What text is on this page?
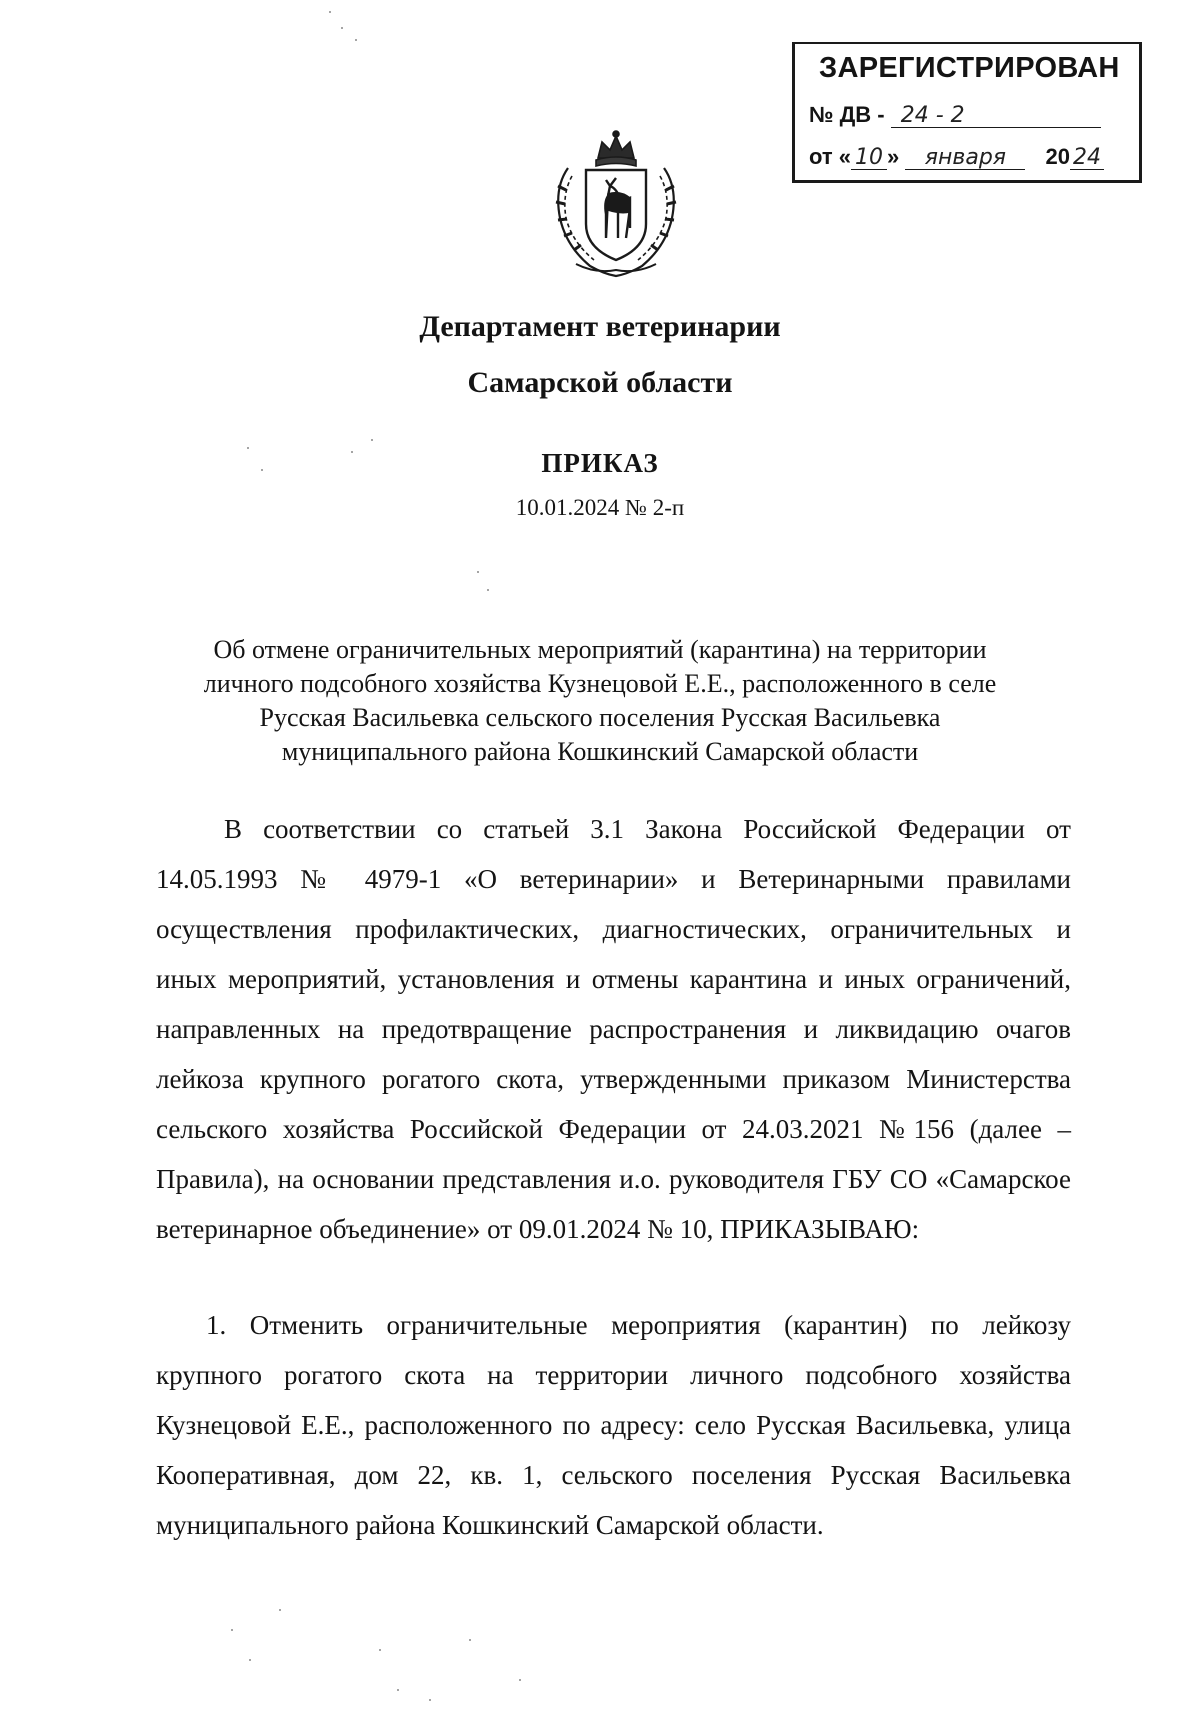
ЗАРЕГИСТРИРОВАН
№ ДВ - 24 - 2
от « 10 » января 20 24
Департамент ветеринарии
Самарской области
ПРИКАЗ
10.01.2024 № 2-п
Об отмене ограничительных мероприятий (карантина) на территории
личного подсобного хозяйства Кузнецовой Е.Е., расположенного в селе
Русская Васильевка сельского поселения Русская Васильевка
муниципального района Кошкинский Самарской области
В соответствии со статьей 3.1 Закона Российской Федерации от 14.05.1993 № 4979-1 «О ветеринарии» и Ветеринарными правилами осуществления профилактических, диагностических, ограничительных и иных мероприятий, установления и отмены карантина и иных ограничений, направленных на предотвращение распространения и ликвидацию очагов лейкоза крупного рогатого скота, утвержденными приказом Министерства сельского хозяйства Российской Федерации от 24.03.2021 №156 (далее – Правила), на основании представления и.о. руководителя ГБУ СО «Самарское ветеринарное объединение» от 09.01.2024 № 10, ПРИКАЗЫВАЮ:
1. Отменить ограничительные мероприятия (карантин) по лейкозу крупного рогатого скота на территории личного подсобного хозяйства Кузнецовой Е.Е., расположенного по адресу: село Русская Васильевка, улица Кооперативная, дом 22, кв. 1, сельского поселения Русская Васильевка муниципального района Кошкинский Самарской области.
